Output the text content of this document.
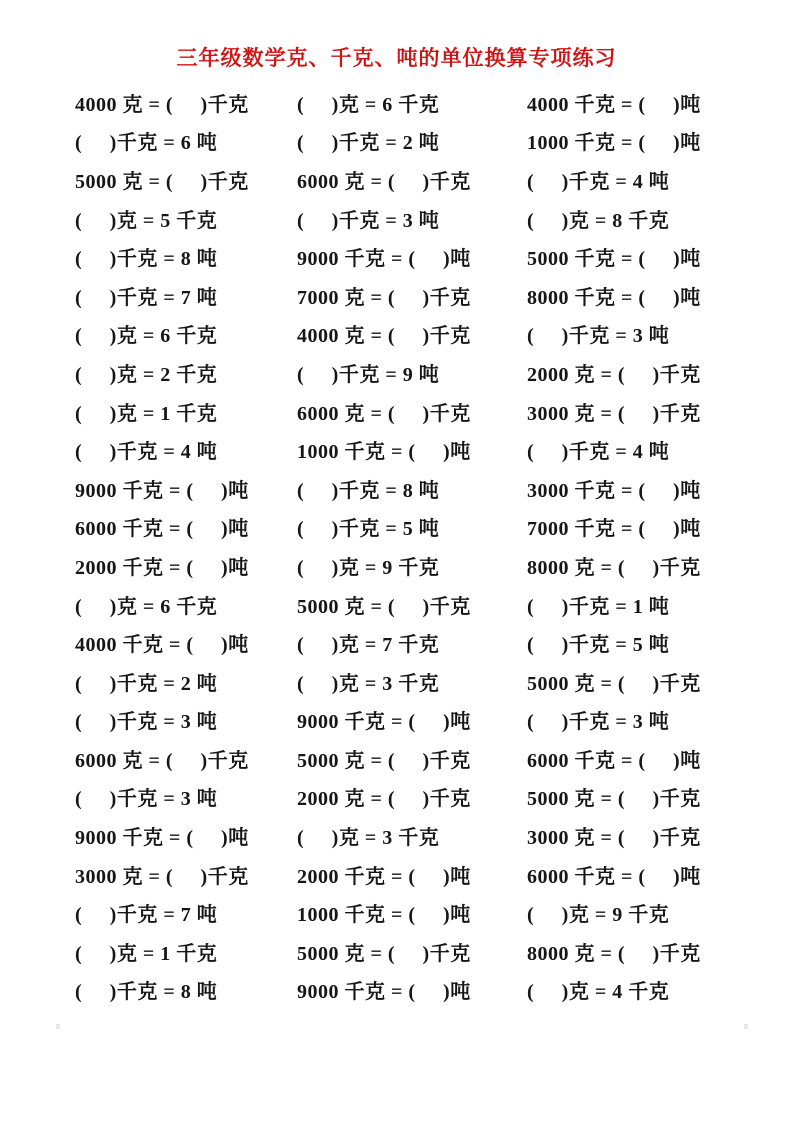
三年级数学克、千克、吨的单位换算专项练习
4000 克 = (     )千克	(     )克 = 6 千克	4000 千克 = (     )吨
(     )千克 = 6 吨	(     )千克 = 2 吨	1000 千克 = (     )吨
5000 克 = (     )千克	6000 克 = (     )千克	(     )千克 = 4 吨
(     )克 = 5 千克	(     )千克 = 3 吨	(     )克 = 8 千克
(     )千克 = 8 吨	9000 千克 = (     )吨	5000 千克 = (     )吨
(     )千克 = 7 吨	7000 克 = (     )千克	8000 千克 = (     )吨
(     )克 = 6 千克	4000 克 = (     )千克	(     )千克 = 3 吨
(     )克 = 2 千克	(     )千克 = 9 吨	2000 克 = (     )千克
(     )克 = 1 千克	6000 克 = (     )千克	3000 克 = (     )千克
(     )千克 = 4 吨	1000 千克 = (     )吨	(     )千克 = 4 吨
9000 千克 = (     )吨	(     )千克 = 8 吨	3000 千克 = (     )吨
6000 千克 = (     )吨	(     )千克 = 5 吨	7000 千克 = (     )吨
2000 千克 = (     )吨	(     )克 = 9 千克	8000 克 = (     )千克
(     )克 = 6 千克	5000 克 = (     )千克	(     )千克 = 1 吨
4000 千克 = (     )吨	(     )克 = 7 千克	(     )千克 = 5 吨
(     )千克 = 2 吨	(     )克 = 3 千克	5000 克 = (     )千克
(     )千克 = 3 吨	9000 千克 = (     )吨	(     )千克 = 3 吨
6000 克 = (     )千克	5000 克 = (     )千克	6000 千克 = (     )吨
(     )千克 = 3 吨	2000 克 = (     )千克	5000 克 = (     )千克
9000 千克 = (     )吨	(     )克 = 3 千克	3000 克 = (     )千克
3000 克 = (     )千克	2000 千克 = (     )吨	6000 千克 = (     )吨
(     )千克 = 7 吨	1000 千克 = (     )吨	(     )克 = 9 千克
(     )克 = 1 千克	5000 克 = (     )千克	8000 克 = (     )千克
(     )千克 = 8 吨	9000 千克 = (     )吨	(     )克 = 4 千克
